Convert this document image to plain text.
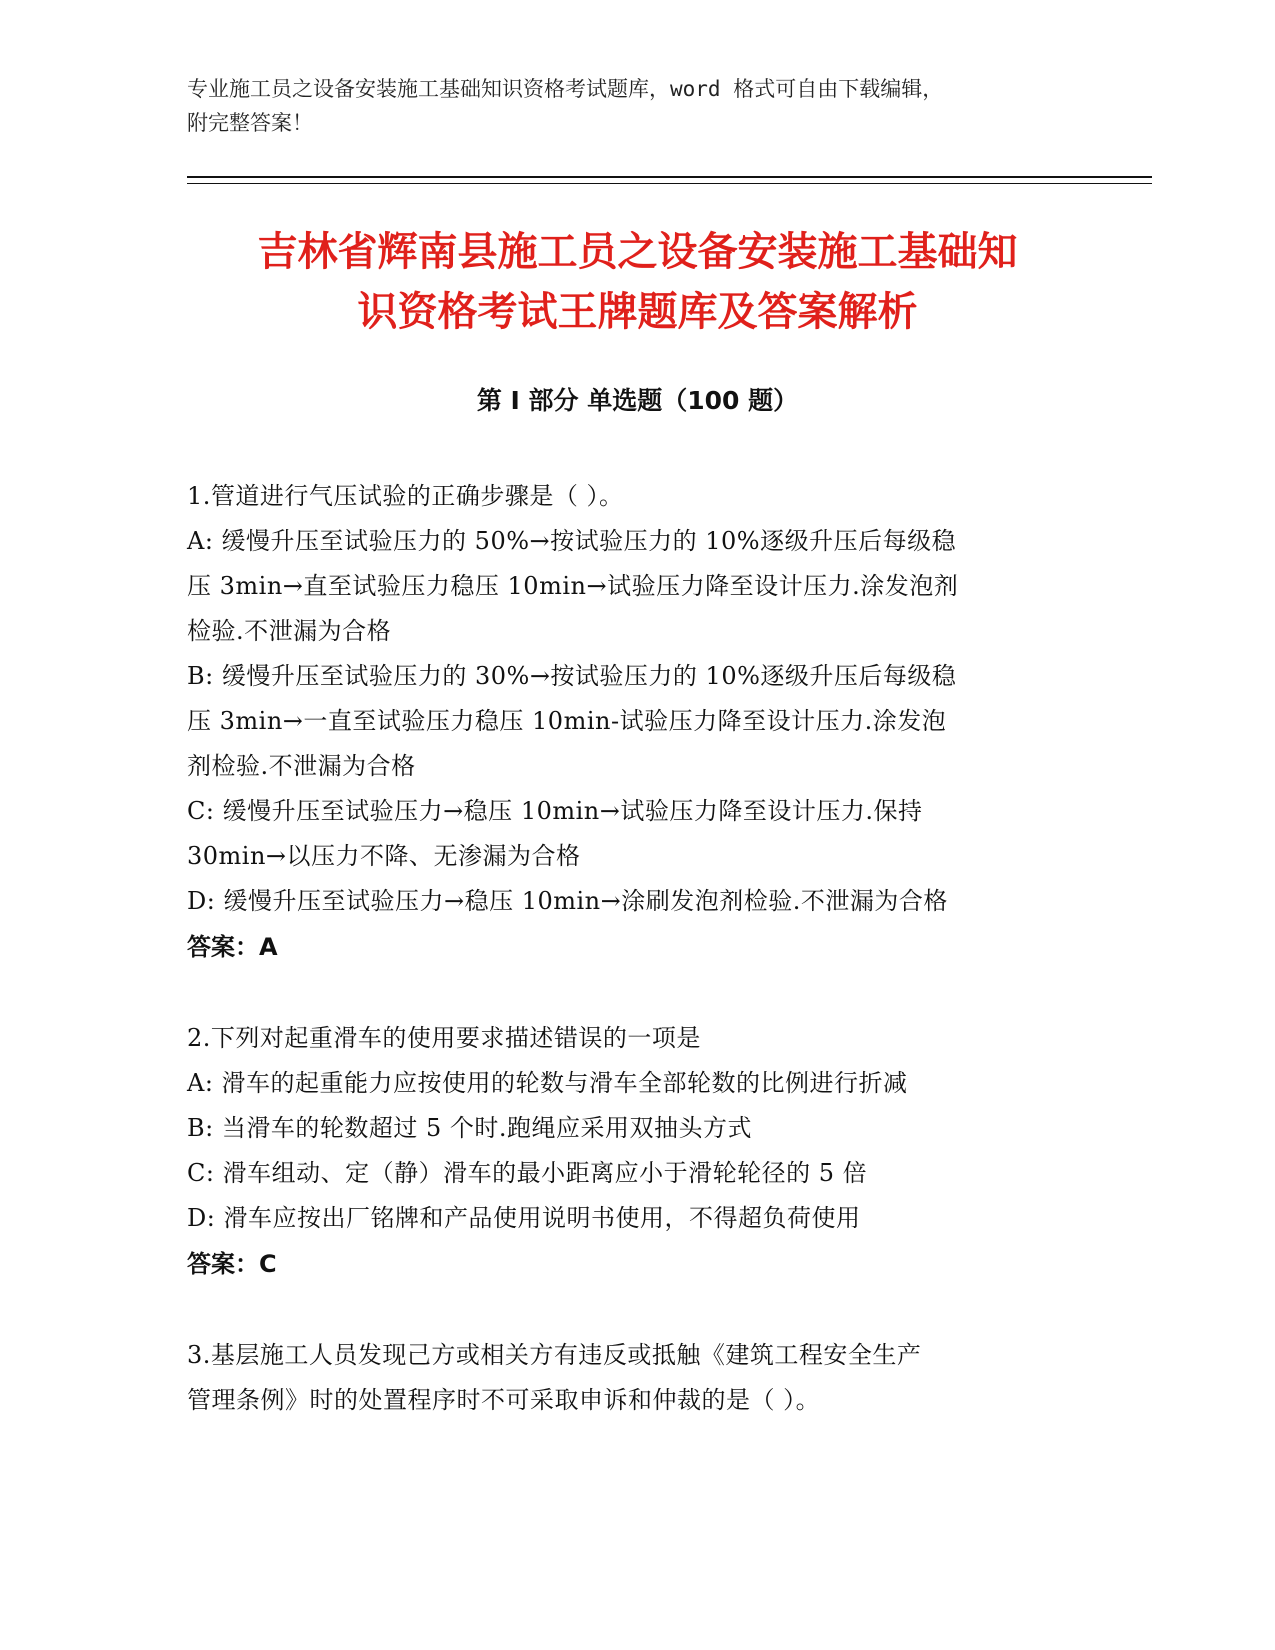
专业施工员之设备安装施工基础知识资格考试题库，word 格式可自由下载编辑，
附完整答案！
吉林省辉南县施工员之设备安装施工基础知
识资格考试王牌题库及答案解析
第 I 部分 单选题（100 题）
1.管道进行气压试验的正确步骤是（ ）。
A: 缓慢升压至试验压力的 50%→按试验压力的 10%逐级升压后每级稳
压 3min→直至试验压力稳压 10min→试验压力降至设计压力.涂发泡剂
检验.不泄漏为合格
B: 缓慢升压至试验压力的 30%→按试验压力的 10%逐级升压后每级稳
压 3min→一直至试验压力稳压 10min-试验压力降至设计压力.涂发泡
剂检验.不泄漏为合格
C: 缓慢升压至试验压力→稳压 10min→试验压力降至设计压力.保持
30min→以压力不降、无渗漏为合格
D: 缓慢升压至试验压力→稳压 10min→涂刷发泡剂检验.不泄漏为合格
答案：A
2.下列对起重滑车的使用要求描述错误的一项是
A: 滑车的起重能力应按使用的轮数与滑车全部轮数的比例进行折减
B: 当滑车的轮数超过 5 个时.跑绳应采用双抽头方式
C: 滑车组动、定（静）滑车的最小距离应小于滑轮轮径的 5 倍
D: 滑车应按出厂铭牌和产品使用说明书使用，不得超负荷使用
答案：C
3.基层施工人员发现己方或相关方有违反或抵触《建筑工程安全生产
管理条例》时的处置程序时不可采取申诉和仲裁的是（ ）。
